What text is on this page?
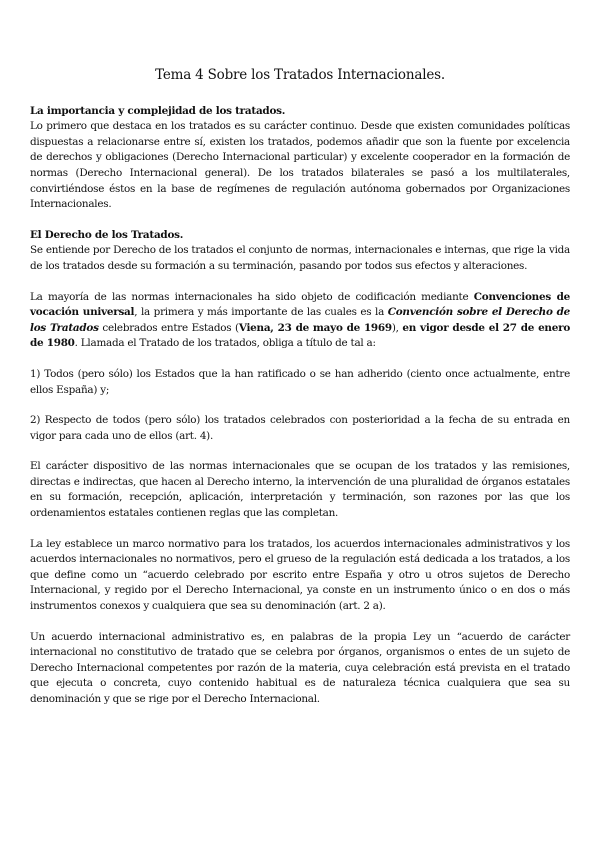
Tema 4 Sobre los Tratados Internacionales.
La importancia y complejidad de los tratados.

Lo primero que destaca en los tratados es su carácter continuo. Desde que existen comunidades políticas dispuestas a relacionarse entre sí, existen los tratados, podemos añadir que son la fuente por excelencia de derechos y obligaciones (Derecho Internacional particular) y excelente cooperador en la formación de normas (Derecho Internacional general). De los tratados bilaterales se pasó a los multilaterales, convirtiéndose éstos en la base de regímenes de regulación autónoma gobernados por Organizaciones Internacionales.

El Derecho de los Tratados.

Se entiende por Derecho de los tratados el conjunto de normas, internacionales e internas, que rige la vida de los tratados desde su formación a su terminación, pasando por todos sus efectos y alteraciones.

La mayoría de las normas internacionales ha sido objeto de codificación mediante Convenciones de vocación universal, la primera y más importante de las cuales es la Convención sobre el Derecho de los Tratados celebrados entre Estados (Viena, 23 de mayo de 1969), en vigor desde el 27 de enero de 1980. Llamada el Tratado de los tratados, obliga a título de tal a:

1) Todos (pero sólo) los Estados que la han ratificado o se han adherido (ciento once actualmente, entre ellos España) y;

2) Respecto de todos (pero sólo) los tratados celebrados con posterioridad a la fecha de su entrada en vigor para cada uno de ellos (art. 4).

El carácter dispositivo de las normas internacionales que se ocupan de los tratados y las remisiones, directas e indirectas, que hacen al Derecho interno, la intervención de una pluralidad de órganos estatales en su formación, recepción, aplicación, interpretación y terminación, son razones por las que los ordenamientos estatales contienen reglas que las completan.

La ley establece un marco normativo para los tratados, los acuerdos internacionales administrativos y los acuerdos internacionales no normativos, pero el grueso de la regulación está dedicada a los tratados, a los que define como un “acuerdo celebrado por escrito entre España y otro u otros sujetos de Derecho Internacional, y regido por el Derecho Internacional, ya conste en un instrumento único o en dos o más instrumentos conexos y cualquiera que sea su denominación (art. 2 a).

Un acuerdo internacional administrativo es, en palabras de la propia Ley un “acuerdo de carácter internacional no constitutivo de tratado que se celebra por órganos, organismos o entes de un sujeto de Derecho Internacional competentes por razón de la materia, cuya celebración está prevista en el tratado que ejecuta o concreta, cuyo contenido habitual es de naturaleza técnica cualquiera que sea su denominación y que se rige por el Derecho Internacional.
